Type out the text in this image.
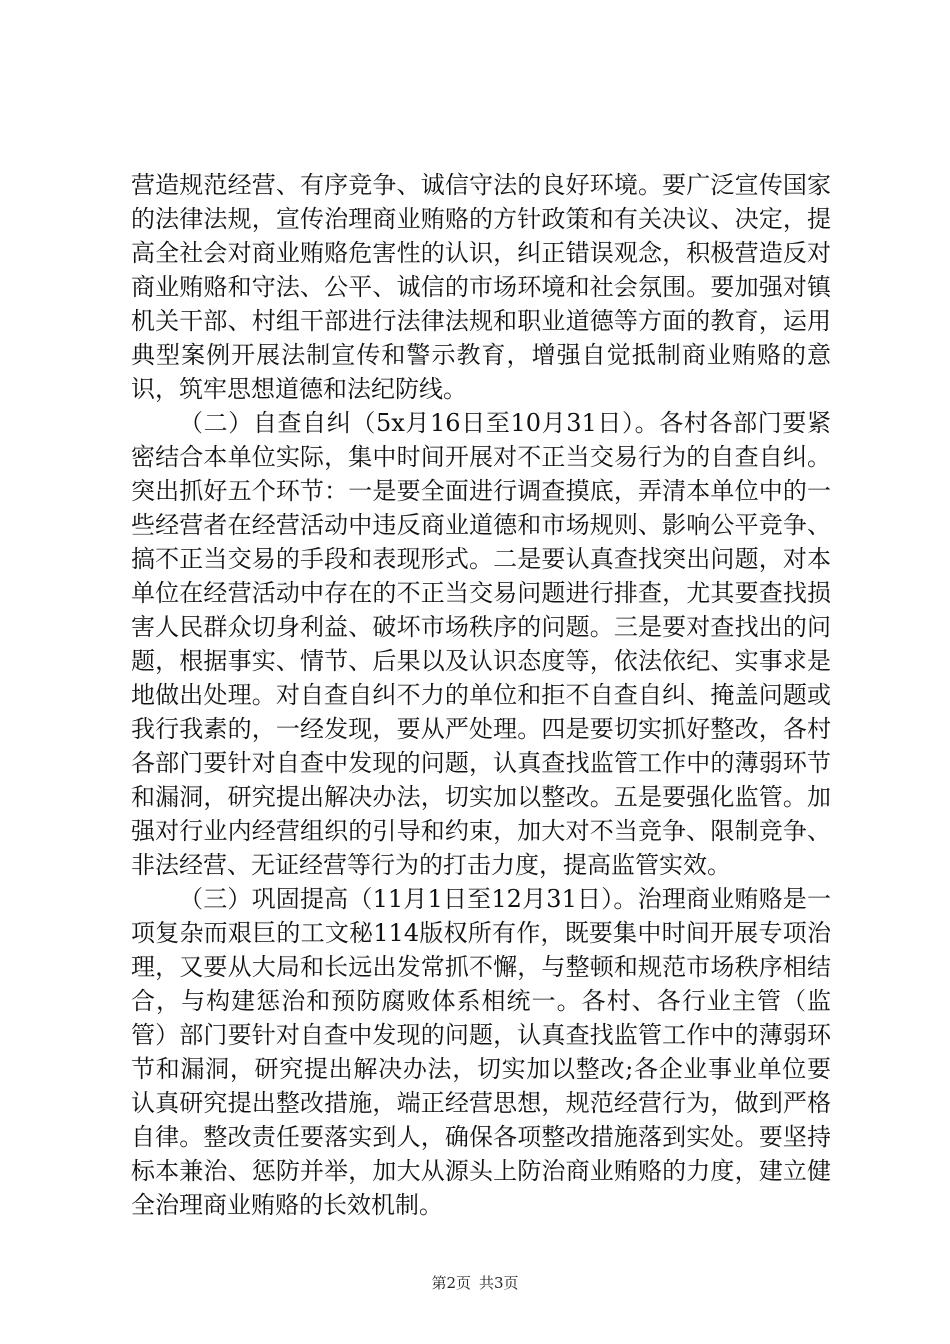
营造规范经营、有序竞争、诚信守法的良好环境。要广泛宣传国家的法律法规，宣传治理商业贿赂的方针政策和有关决议、决定，提高全社会对商业贿赂危害性的认识，纠正错误观念，积极营造反对商业贿赂和守法、公平、诚信的市场环境和社会氛围。要加强对镇机关干部、村组干部进行法律法规和职业道德等方面的教育，运用典型案例开展法制宣传和警示教育，增强自觉抵制商业贿赂的意识，筑牢思想道德和法纪防线。

（二）自查自纠（5x月16日至10月31日）。各村各部门要紧密结合本单位实际，集中时间开展对不正当交易行为的自查自纠。突出抓好五个环节：一是要全面进行调查摸底，弄清本单位中的一些经营者在经营活动中违反商业道德和市场规则、影响公平竞争、搞不正当交易的手段和表现形式。二是要认真查找突出问题，对本单位在经营活动中存在的不正当交易问题进行排查，尤其要查找损害人民群众切身利益、破坏市场秩序的问题。三是要对查找出的问题，根据事实、情节、后果以及认识态度等，依法依纪、实事求是地做出处理。对自查自纠不力的单位和拒不自查自纠、掩盖问题或我行我素的，一经发现，要从严处理。四是要切实抓好整改，各村各部门要针对自查中发现的问题，认真查找监管工作中的薄弱环节和漏洞，研究提出解决办法，切实加以整改。五是要强化监管。加强对行业内经营组织的引导和约束，加大对不当竞争、限制竞争、非法经营、无证经营等行为的打击力度，提高监管实效。

（三）巩固提高（11月1日至12月31日）。治理商业贿赂是一项复杂而艰巨的工文秘114版权所有作，既要集中时间开展专项治理，又要从大局和长远出发常抓不懈，与整顿和规范市场秩序相结合，与构建惩治和预防腐败体系相统一。各村、各行业主管（监管）部门要针对自查中发现的问题，认真查找监管工作中的薄弱环节和漏洞，研究提出解决办法，切实加以整改;各企业事业单位要认真研究提出整改措施，端正经营思想，规范经营行为，做到严格自律。整改责任要落实到人，确保各项整改措施落到实处。要坚持标本兼治、惩防并举，加大从源头上防治商业贿赂的力度，建立健全治理商业贿赂的长效机制。

第2页 共3页
